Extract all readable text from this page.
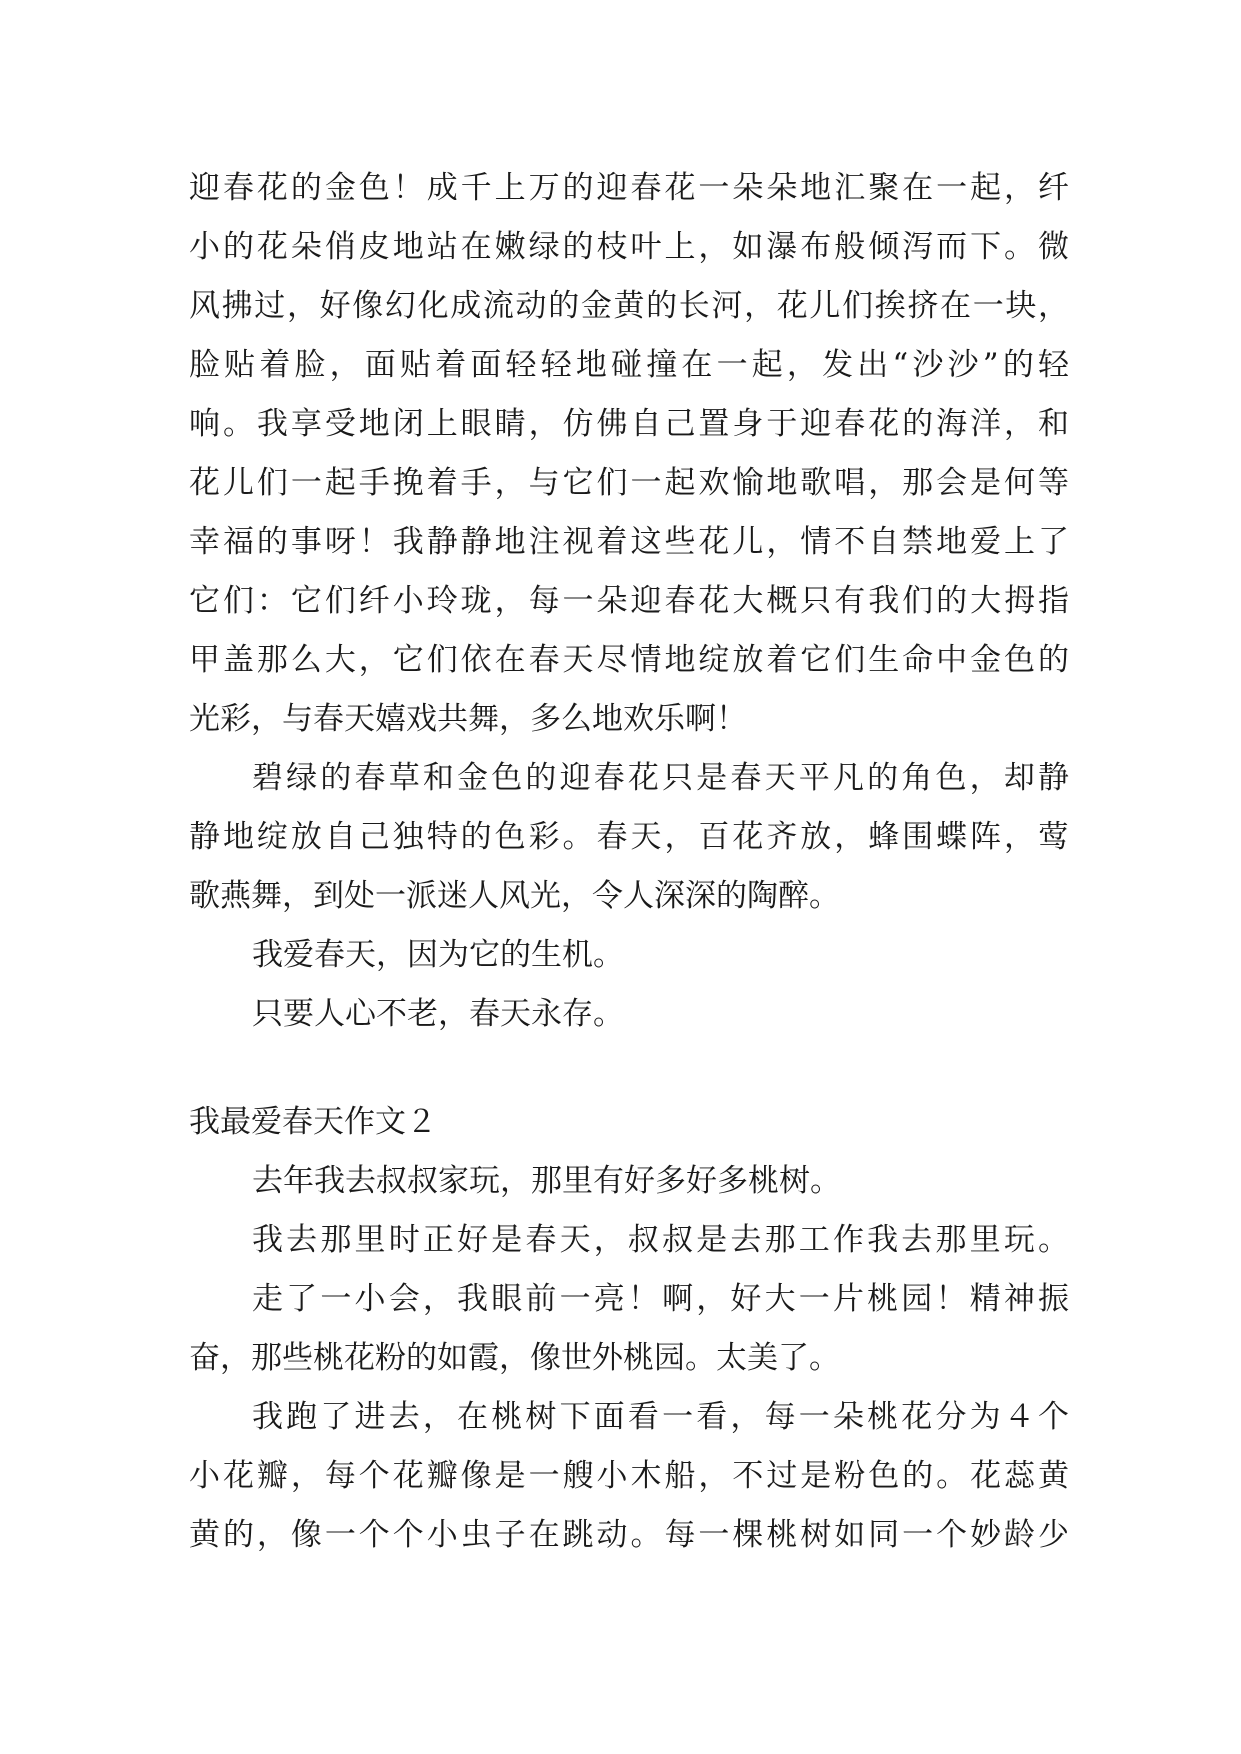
迎春花的金色！成千上万的迎春花一朵朵地汇聚在一起，纤
小的花朵俏皮地站在嫩绿的枝叶上，如瀑布般倾泻而下。微
风拂过，好像幻化成流动的金黄的长河，花儿们挨挤在一块，
脸贴着脸，面贴着面轻轻地碰撞在一起，发出“沙沙”的轻
响。我享受地闭上眼睛，仿佛自己置身于迎春花的海洋，和
花儿们一起手挽着手，与它们一起欢愉地歌唱，那会是何等
幸福的事呀！我静静地注视着这些花儿，情不自禁地爱上了
它们：它们纤小玲珑，每一朵迎春花大概只有我们的大拇指
甲盖那么大，它们依在春天尽情地绽放着它们生命中金色的
光彩，与春天嬉戏共舞，多么地欢乐啊！
碧绿的春草和金色的迎春花只是春天平凡的角色，却静
静地绽放自己独特的色彩。春天，百花齐放，蜂围蝶阵，莺
歌燕舞，到处一派迷人风光，令人深深的陶醉。
我爱春天，因为它的生机。
只要人心不老，春天永存。
我最爱春天作文２
去年我去叔叔家玩，那里有好多好多桃树。
我去那里时正好是春天，叔叔是去那工作我去那里玩。
走了一小会，我眼前一亮！啊，好大一片桃园！精神振
奋，那些桃花粉的如霞，像世外桃园。太美了。
我跑了进去，在桃树下面看一看，每一朵桃花分为４个
小花瓣，每个花瓣像是一艘小木船，不过是粉色的。花蕊黄
黄的，像一个个小虫子在跳动。每一棵桃树如同一个妙龄少
